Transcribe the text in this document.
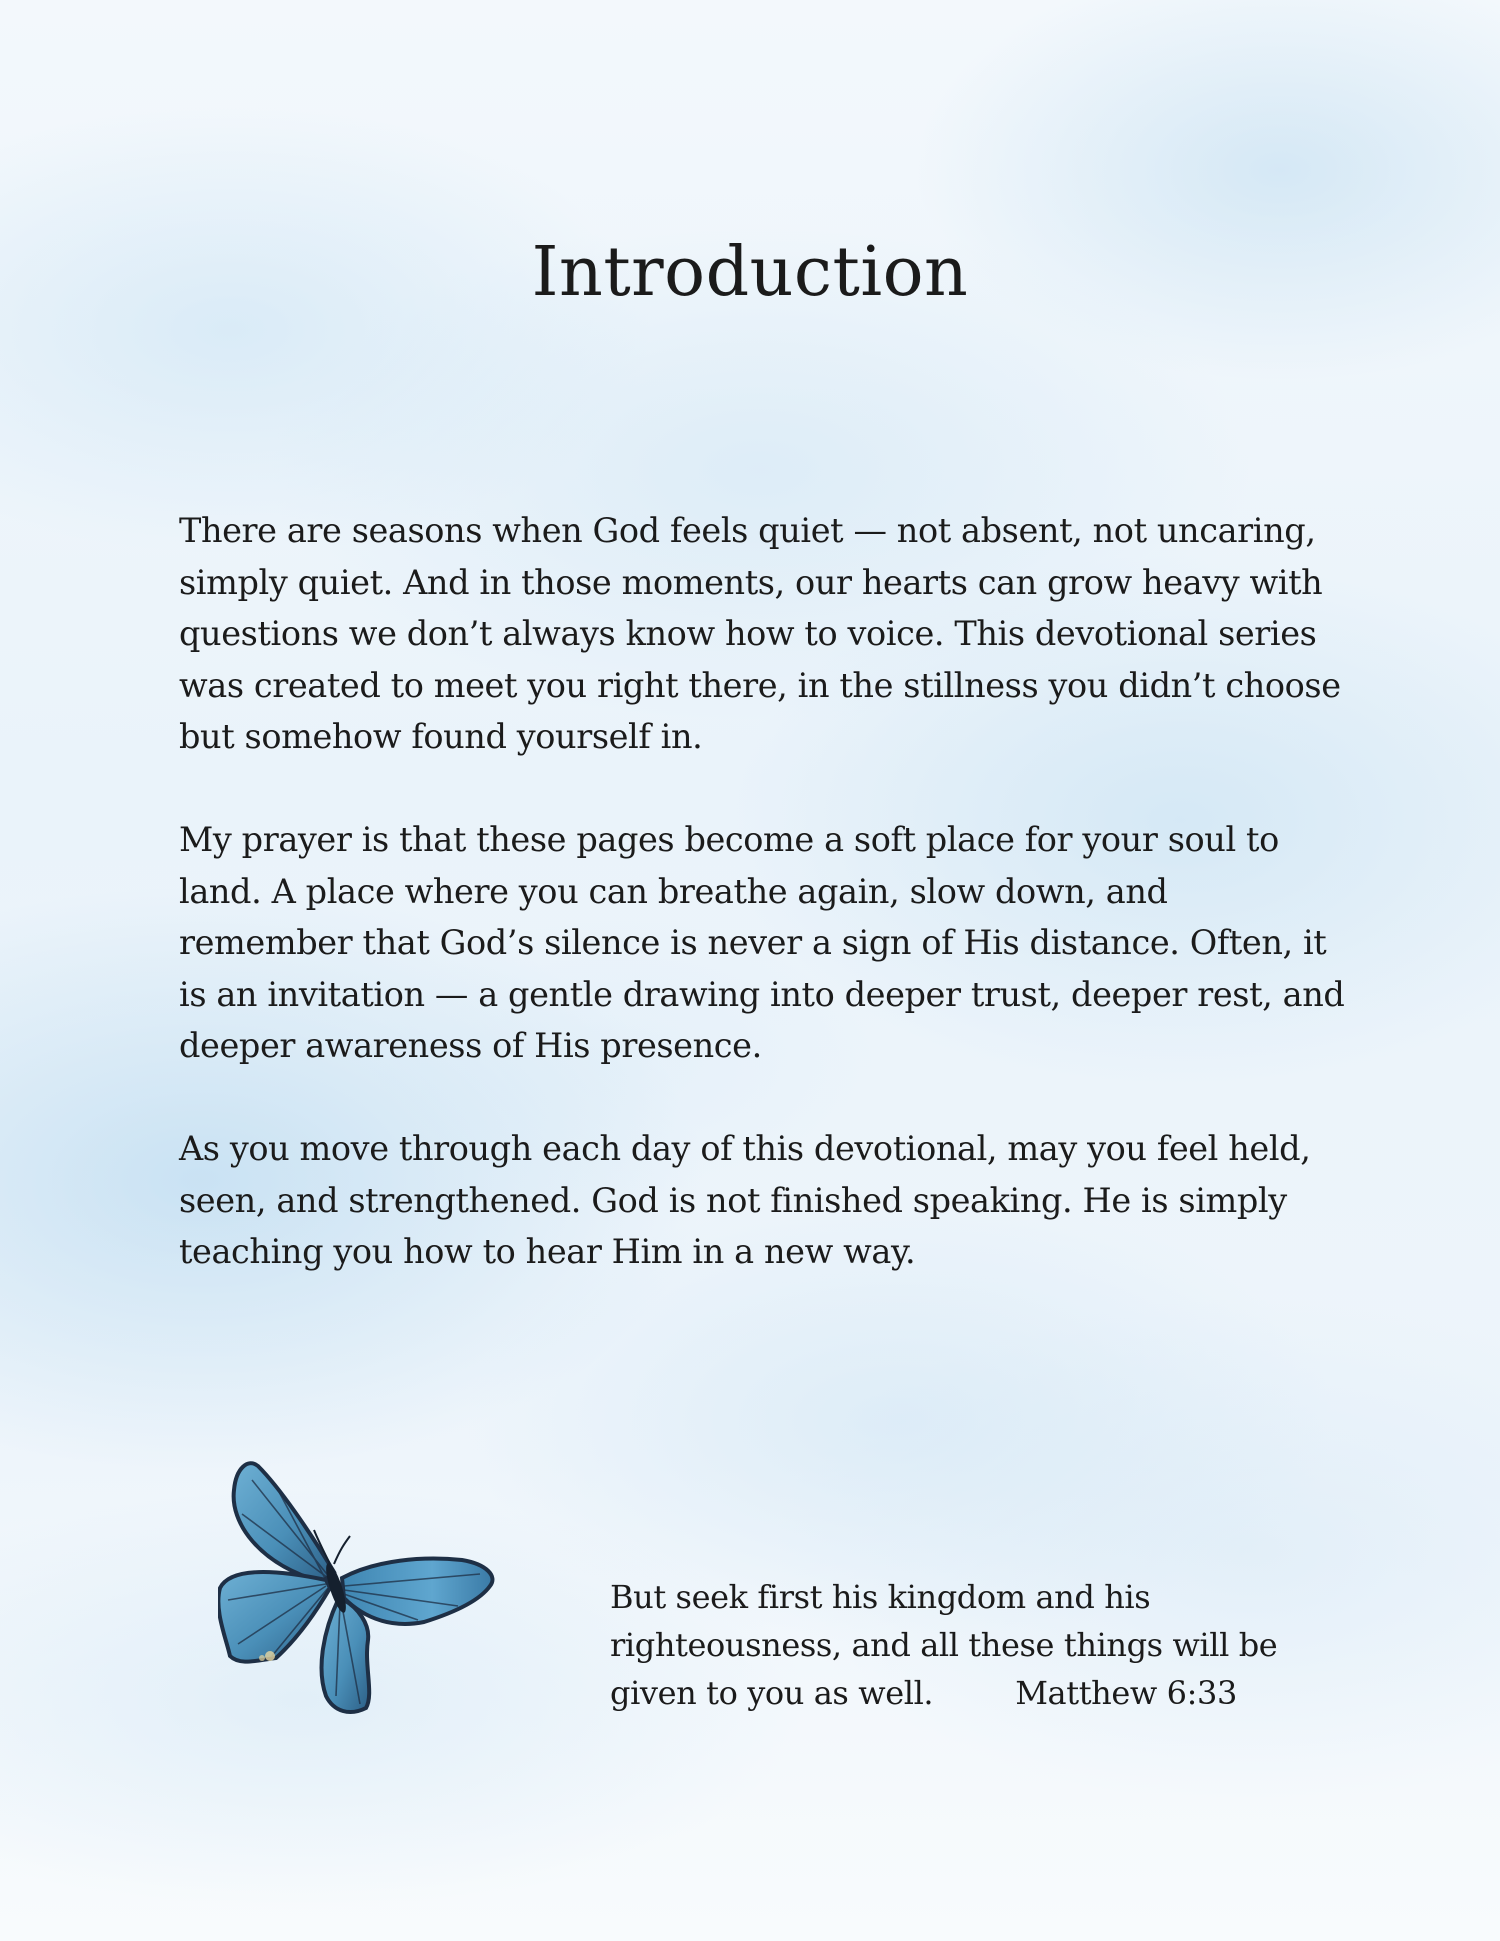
Introduction

There are seasons when God feels quiet — not absent, not uncaring, simply quiet. And in those moments, our hearts can grow heavy with questions we don’t always know how to voice. This devotional series was created to meet you right there, in the stillness you didn’t choose but somehow found yourself in.

My prayer is that these pages become a soft place for your soul to land. A place where you can breathe again, slow down, and remember that God’s silence is never a sign of His distance. Often, it is an invitation — a gentle drawing into deeper trust, deeper rest, and deeper awareness of His presence.

As you move through each day of this devotional, may you feel held, seen, and strengthened. God is not finished speaking. He is simply teaching you how to hear Him in a new way.

But seek first his kingdom and his righteousness, and all these things will be given to you as well.	Matthew 6:33
